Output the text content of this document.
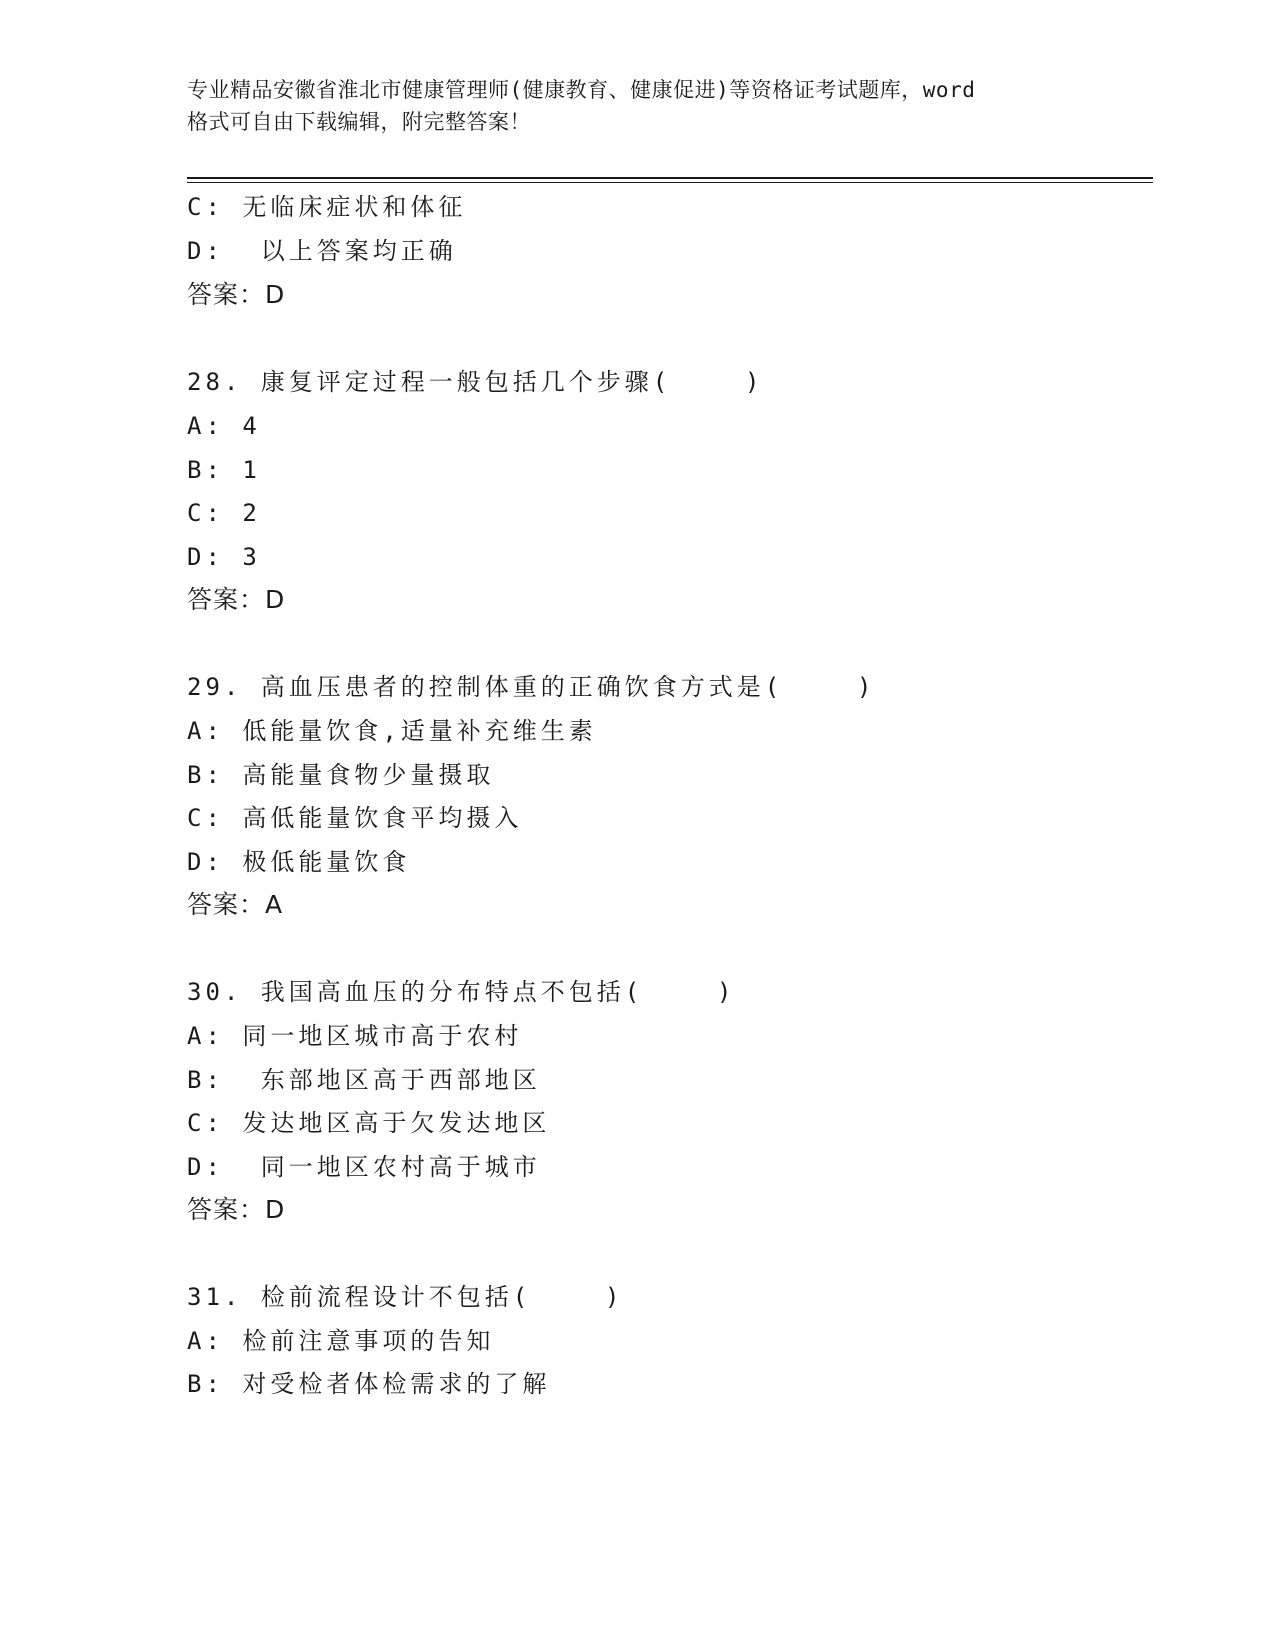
专业精品安徽省淮北市健康管理师(健康教育、健康促进)等资格证考试题库，word
格式可自由下载编辑，附完整答案！
C: 无临床症状和体征
D:  以上答案均正确
答案：D
28. 康复评定过程一般包括几个步骤(    )
A: 4
B: 1
C: 2
D: 3
答案：D
29. 高血压患者的控制体重的正确饮食方式是(    )
A: 低能量饮食,适量补充维生素
B: 高能量食物少量摄取
C: 高低能量饮食平均摄入
D: 极低能量饮食
答案：A
30. 我国高血压的分布特点不包括(    )
A: 同一地区城市高于农村
B:  东部地区高于西部地区
C: 发达地区高于欠发达地区
D:  同一地区农村高于城市
答案：D
31. 检前流程设计不包括(    )
A: 检前注意事项的告知
B: 对受检者体检需求的了解
